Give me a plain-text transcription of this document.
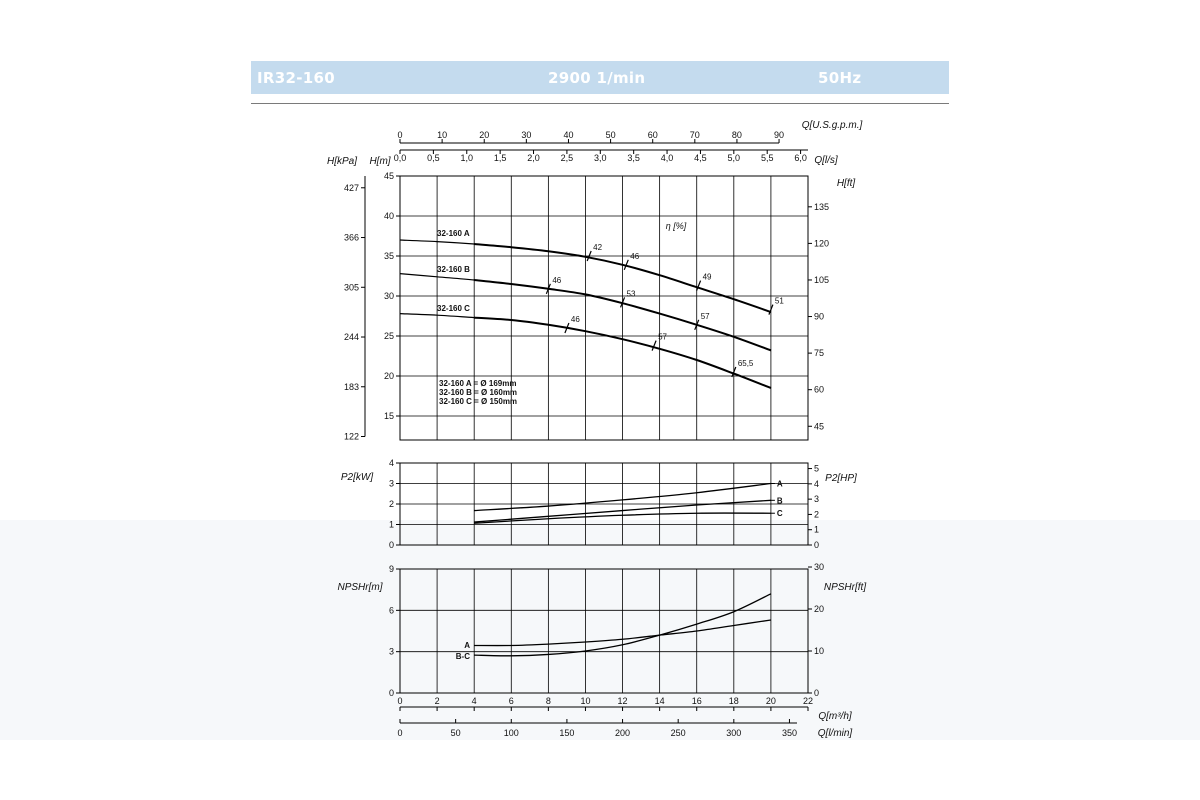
IR32-160	2900 1/min	50Hz
15
20
25
30
35
40
45
122
183
244
305
366
427
H[kPa] H[m]
45
60
75
90
105
120
135
H[ft]
0	10	20	30	40	50	60	70	80	90
Q[U.S.g.p.m.]
0,0 0,5 1,0 1,5 2,0 2,5 3,0 3,5 4,0 4,5 5,0 5,5 6,0 Q[l/s]
32-160 A
32-160 B
32-160 C
η [%]
42
46
49
51
46
53
57
46
57
65,5
32-160 A = Ø 169mm
32-160 B = Ø 160mm
32-160 C = Ø 150mm
0
1
2
3
4
P2[kW]
0
1
2
3
4
5
P2[HP]
A
B
C
0
3
6
9
NPSHr[m]
0
10
20
30
NPSHr[ft]
A
B-C
0	2	4	6	8	10	12	14	16	18	20	22
Q[m³/h]
0	50	100	150	200	250	300	350 Q[l/min]
